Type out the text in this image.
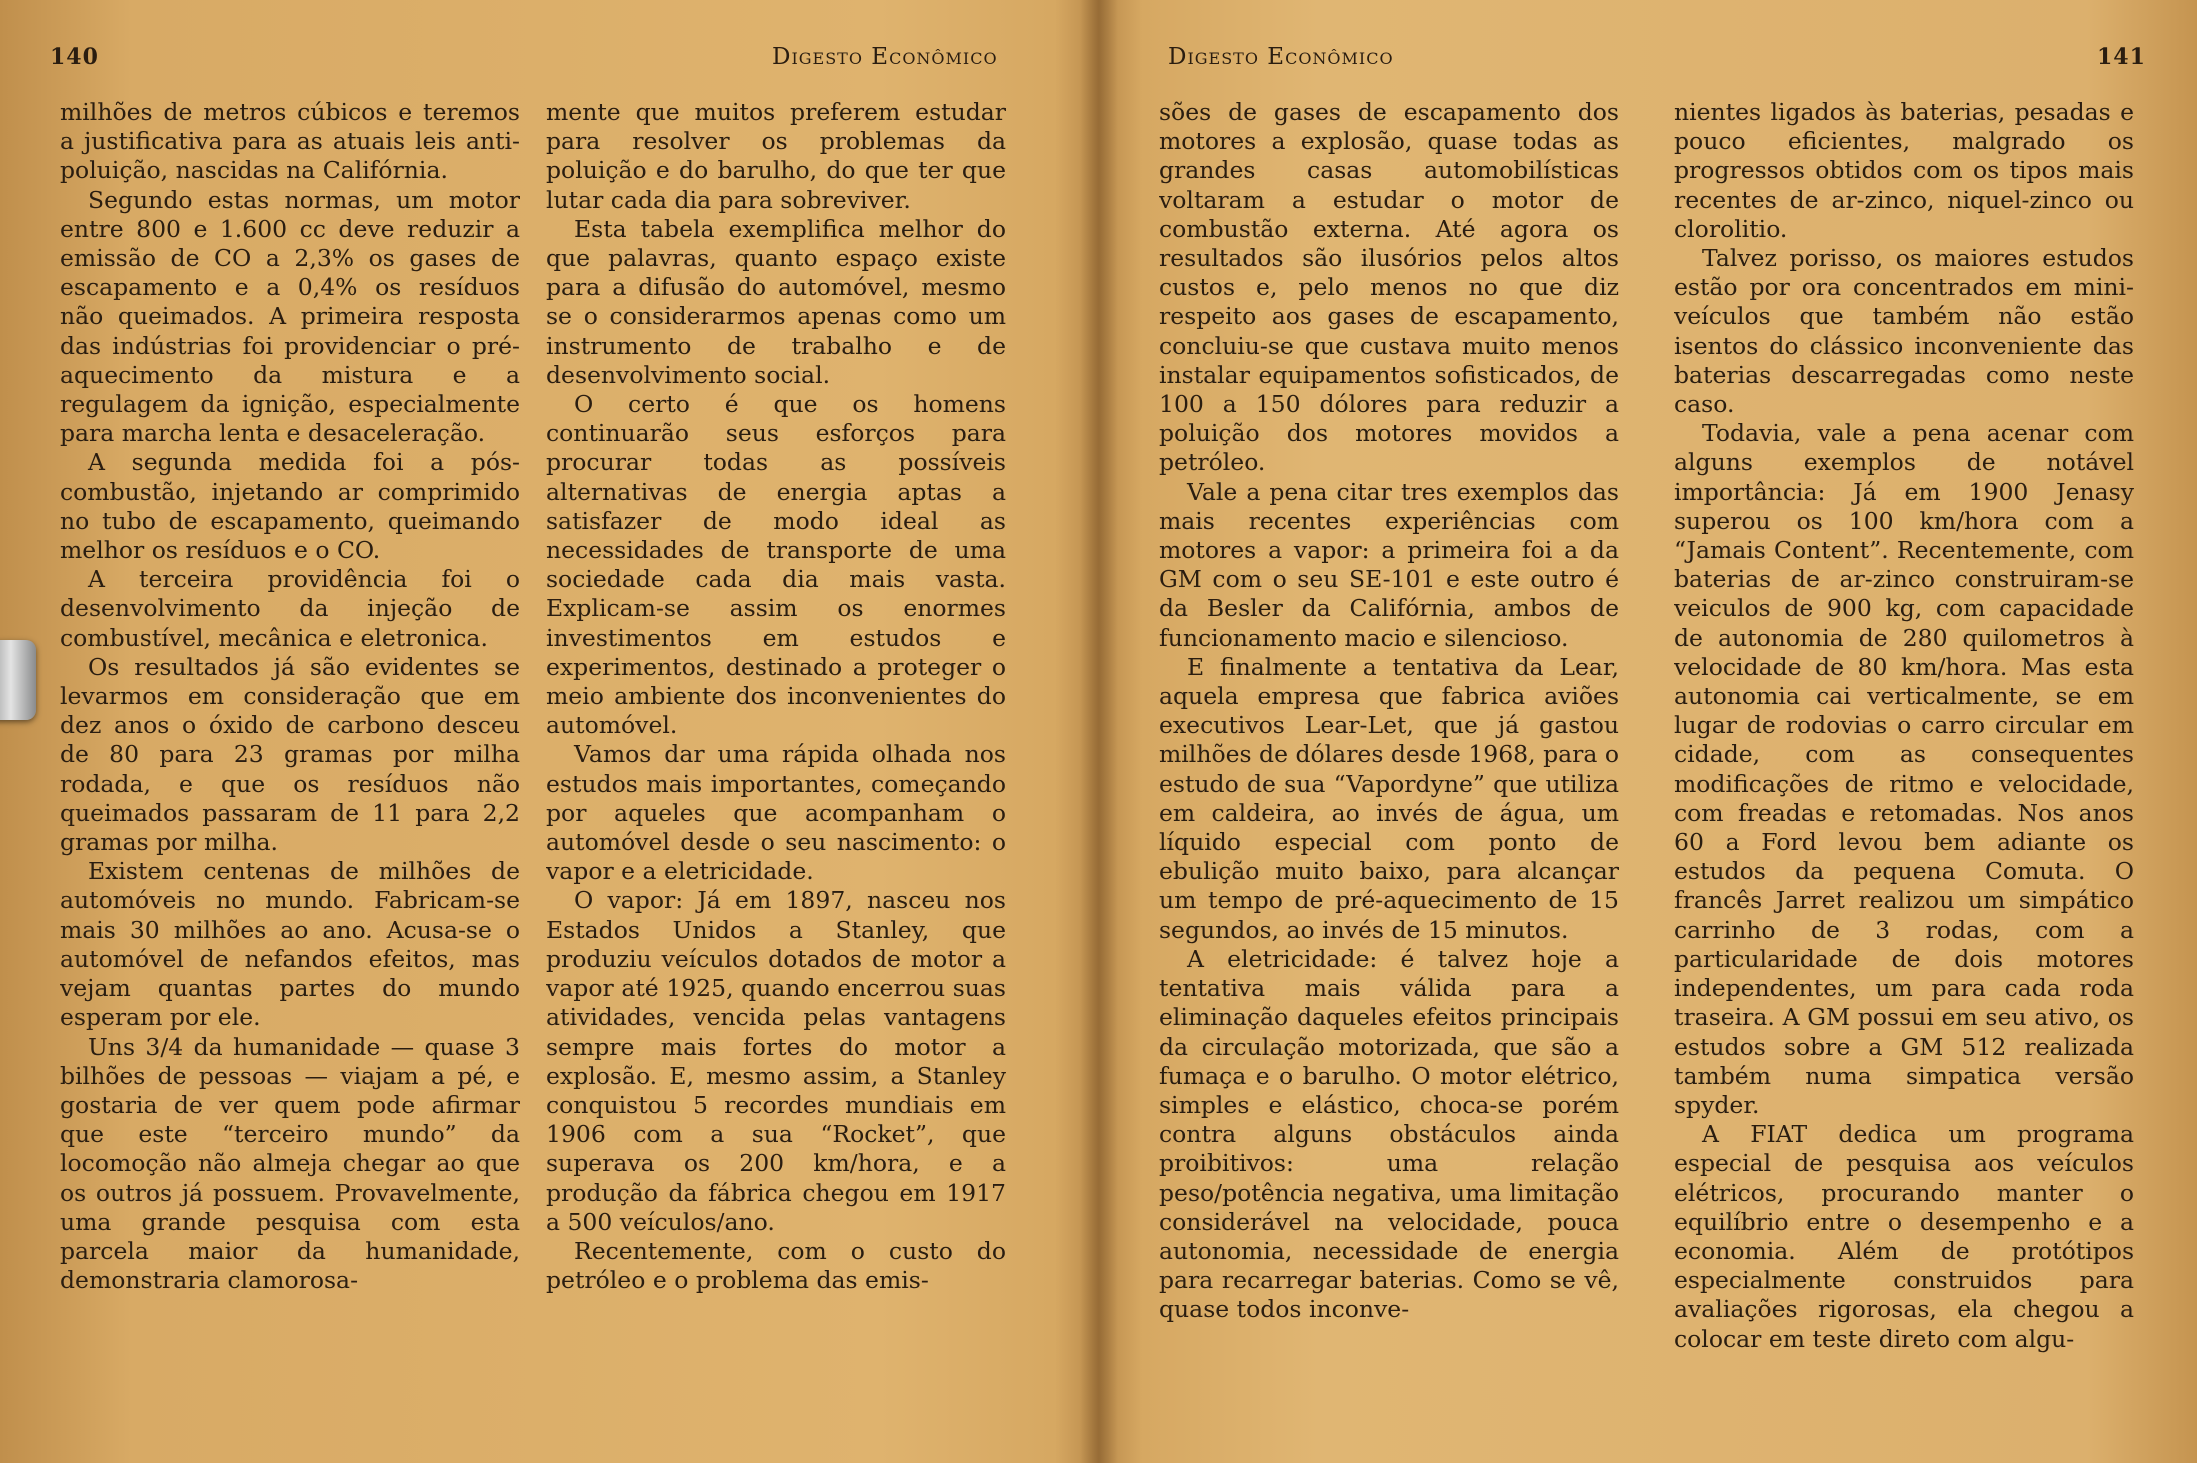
140	Digesto Econômico

milhões de metros cúbicos e teremos a justificativa para as atuais leis anti-poluição, nascidas na Califórnia.

Segundo estas normas, um motor entre 800 e 1.600 cc deve reduzir a emissão de CO a 2,3% os gases de escapamento e a 0,4% os resíduos não queimados. A primeira resposta das indústrias foi providenciar o pré-aquecimento da mistura e a regulagem da ignição, especialmente para marcha lenta e desaceleração.

A segunda medida foi a pós-combustão, injetando ar comprimido no tubo de escapamento, queimando melhor os resíduos e o CO.

A terceira providência foi o desenvolvimento da injeção de combustível, mecânica e eletronica.

Os resultados já são evidentes se levarmos em consideração que em dez anos o óxido de carbono desceu de 80 para 23 gramas por milha rodada, e que os resíduos não queimados passaram de 11 para 2,2 gramas por milha.

Existem centenas de milhões de automóveis no mundo. Fabricam-se mais 30 milhões ao ano. Acusa-se o automóvel de nefandos efeitos, mas vejam quantas partes do mundo esperam por ele.

Uns 3/4 da humanidade — quase 3 bilhões de pessoas — viajam a pé, e gostaria de ver quem pode afirmar que este “terceiro mundo” da locomoção não almeja chegar ao que os outros já possuem. Provavelmente, uma grande pesquisa com esta parcela maior da humanidade, demonstraria clamorosa-

mente que muitos preferem estudar para resolver os problemas da poluição e do barulho, do que ter que lutar cada dia para sobreviver.

Esta tabela exemplifica melhor do que palavras, quanto espaço existe para a difusão do automóvel, mesmo se o considerarmos apenas como um instrumento de trabalho e de desenvolvimento social.

O certo é que os homens continuarão seus esforços para procurar todas as possíveis alternativas de energia aptas a satisfazer de modo ideal as necessidades de transporte de uma sociedade cada dia mais vasta. Explicam-se assim os enormes investimentos em estudos e experimentos, destinado a proteger o meio ambiente dos inconvenientes do automóvel.

Vamos dar uma rápida olhada nos estudos mais importantes, começando por aqueles que acompanham o automóvel desde o seu nascimento: o vapor e a eletricidade.

O vapor: Já em 1897, nasceu nos Estados Unidos a Stanley, que produziu veículos dotados de motor a vapor até 1925, quando encerrou suas atividades, vencida pelas vantagens sempre mais fortes do motor a explosão. E, mesmo assim, a Stanley conquistou 5 recordes mundiais em 1906 com a sua “Rocket”, que superava os 200 km/hora, e a produção da fábrica chegou em 1917 a 500 veículos/ano.

Recentemente, com o custo do petróleo e o problema das emis-

Digesto Econômico	141

sões de gases de escapamento dos motores a explosão, quase todas as grandes casas automobilísticas voltaram a estudar o motor de combustão externa. Até agora os resultados são ilusórios pelos altos custos e, pelo menos no que diz respeito aos gases de escapamento, concluiu-se que custava muito menos instalar equipamentos sofisticados, de 100 a 150 dólores para reduzir a poluição dos motores movidos a petróleo.

Vale a pena citar tres exemplos das mais recentes experiências com motores a vapor: a primeira foi a da GM com o seu SE-101 e este outro é da Besler da Califórnia, ambos de funcionamento macio e silencioso.

E finalmente a tentativa da Lear, aquela empresa que fabrica aviões executivos Lear-Let, que já gastou milhões de dólares desde 1968, para o estudo de sua “Vapordyne” que utiliza em caldeira, ao invés de água, um líquido especial com ponto de ebulição muito baixo, para alcançar um tempo de pré-aquecimento de 15 segundos, ao invés de 15 minutos.

A eletricidade: é talvez hoje a tentativa mais válida para a eliminação daqueles efeitos principais da circulação motorizada, que são a fumaça e o barulho. O motor elétrico, simples e elástico, choca-se porém contra alguns obstáculos ainda proibitivos: uma relação peso/potência negativa, uma limitação considerável na velocidade, pouca autonomia, necessidade de energia para recarregar baterias. Como se vê, quase todos inconve-

nientes ligados às baterias, pesadas e pouco eficientes, malgrado os progressos obtidos com os tipos mais recentes de ar-zinco, niquel-zinco ou clorolitio.

Talvez porisso, os maiores estudos estão por ora concentrados em mini-veículos que também não estão isentos do clássico inconveniente das baterias descarregadas como neste caso.

Todavia, vale a pena acenar com alguns exemplos de notável importância: Já em 1900 Jenasy superou os 100 km/hora com a “Jamais Content”. Recentemente, com baterias de ar-zinco construiram-se veiculos de 900 kg, com capacidade de autonomia de 280 quilometros à velocidade de 80 km/hora. Mas esta autonomia cai verticalmente, se em lugar de rodovias o carro circular em cidade, com as consequentes modificações de ritmo e velocidade, com freadas e retomadas. Nos anos 60 a Ford levou bem adiante os estudos da pequena Comuta. O francês Jarret realizou um simpático carrinho de 3 rodas, com a particularidade de dois motores independentes, um para cada roda traseira. A GM possui em seu ativo, os estudos sobre a GM 512 realizada também numa simpatica versão spyder.

A FIAT dedica um programa especial de pesquisa aos veículos elétricos, procurando manter o equilíbrio entre o desempenho e a economia. Além de protótipos especialmente construidos para avaliações rigorosas, ela chegou a colocar em teste direto com algu-
